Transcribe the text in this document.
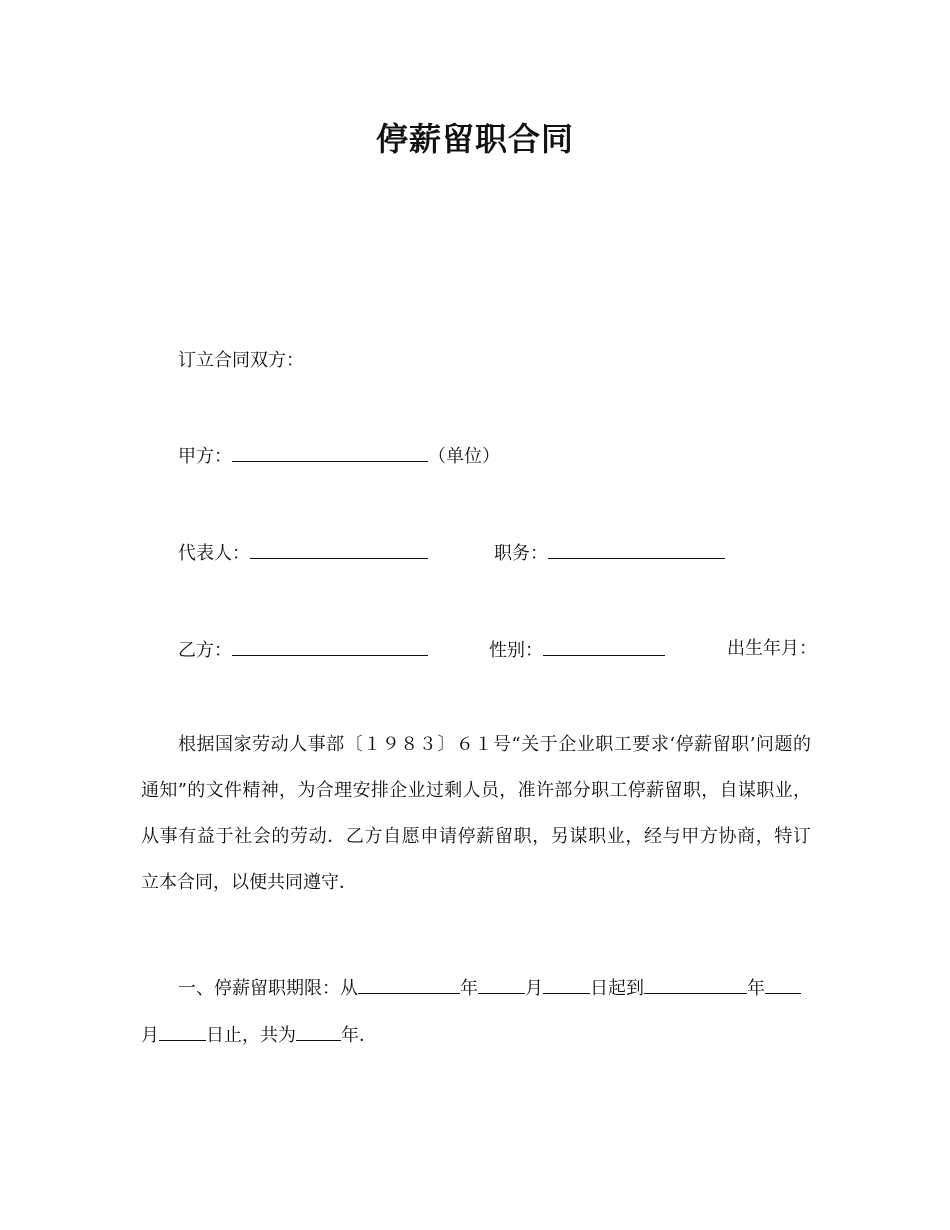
停薪留职合同
订立合同双方：
甲方：	（单位）
代表人：	职务：
乙方：	性别：	出生年月：

根据国家劳动人事部〔１９８３〕６１号“关于企业职工要求‘停薪留职’问题的

通知”的文件精神，为合理安排企业过剩人员，准许部分职工停薪留职，自谋职业，

从事有益于社会的劳动．乙方自愿申请停薪留职，另谋职业，经与甲方协商，特订

立本合同，以便共同遵守．

一、停薪留职期限：从	年	月	日起到	年
月	日止，共为	年．
